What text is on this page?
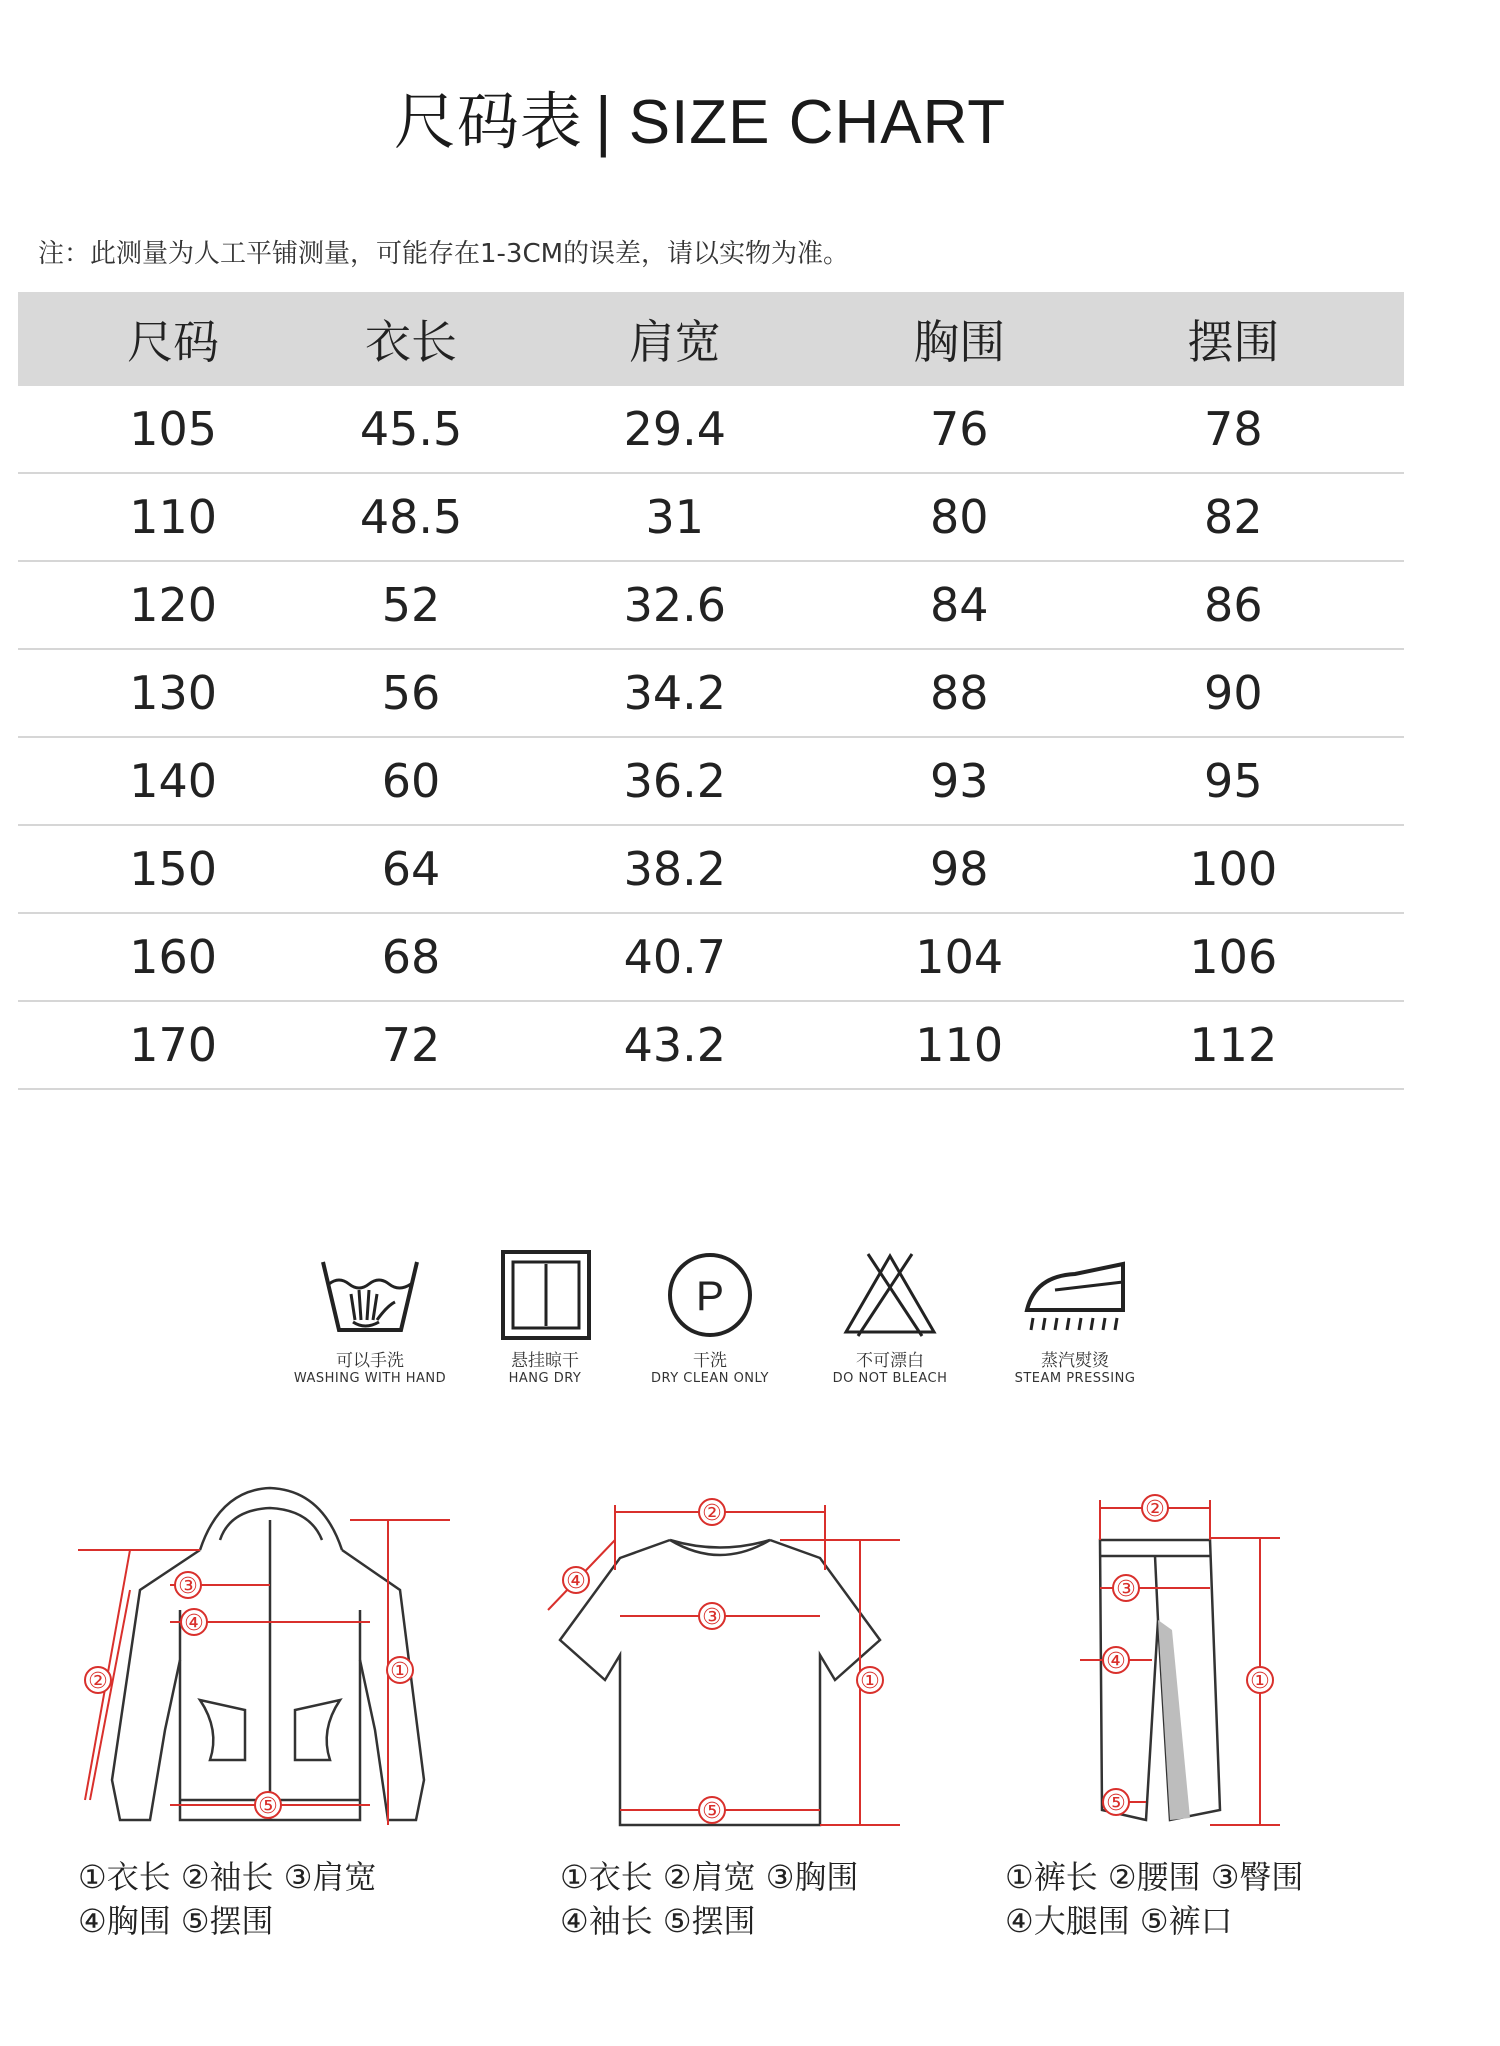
尺码表 | SIZE CHART
注：此测量为人工平铺测量，可能存在1-3CM的误差，请以实物为准。
尺码	衣长	肩宽	胸围	摆围
105	45.5	29.4	76	78
110	48.5	31	80	82
120	52	32.6	84	86
130	56	34.2	88	90
140	60	36.2	93	95
150	64	38.2	98	100
160	68	40.7	104	106
170	72	43.2	110	112
可以手洗
WASHING WITH HAND
悬挂晾干
HANG DRY
P
干洗
DRY CLEAN ONLY
不可漂白
DO NOT BLEACH
蒸汽熨烫
STEAM PRESSING
①
②
③
④
⑤
①衣长 ②袖长 ③肩宽
④胸围 ⑤摆围
①
②
③
④
⑤
①衣长 ②肩宽 ③胸围
④袖长 ⑤摆围
①
②
③
④
⑤
①裤长 ②腰围 ③臀围
④大腿围 ⑤裤口
